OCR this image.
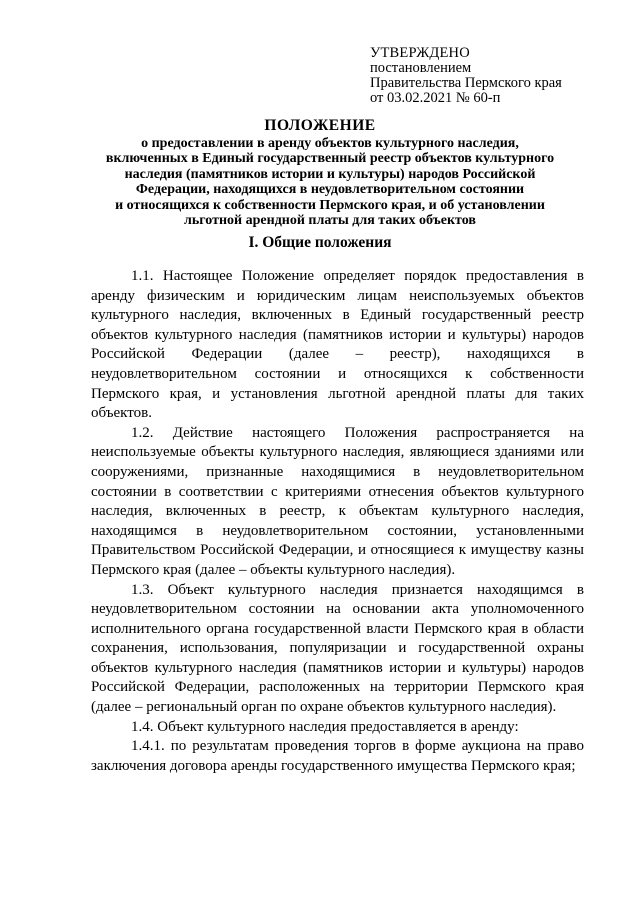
УТВЕРЖДЕНО
постановлением
Правительства Пермского края
от 03.02.2021 № 60-п
ПОЛОЖЕНИЕ
о предоставлении в аренду объектов культурного наследия,
включенных в Единый государственный реестр объектов культурного
наследия (памятников истории и культуры) народов Российской
Федерации, находящихся в неудовлетворительном состоянии
и относящихся к собственности Пермского края, и об установлении
льготной арендной платы для таких объектов
I. Общие положения

1.1. Настоящее Положение определяет порядок предоставления в аренду физическим и юридическим лицам неиспользуемых объектов культурного наследия, включенных в Единый государственный реестр объектов культурного наследия (памятников истории и культуры) народов Российской Федерации (далее – реестр), находящихся в неудовлетворительном состоянии и относящихся к собственности Пермского края, и установления льготной арендной платы для таких объектов.

1.2. Действие настоящего Положения распространяется на неиспользуемые объекты культурного наследия, являющиеся зданиями или сооружениями, признанные находящимися в неудовлетворительном состоянии в соответствии с критериями отнесения объектов культурного наследия, включенных в реестр, к объектам культурного наследия, находящимся в неудовлетворительном состоянии, установленными Правительством Российской Федерации, и относящиеся к имуществу казны Пермского края (далее – объекты культурного наследия).

1.3. Объект культурного наследия признается находящимся в неудовлетворительном состоянии на основании акта уполномоченного исполнительного органа государственной власти Пермского края в области сохранения, использования, популяризации и государственной охраны объектов культурного наследия (памятников истории и культуры) народов Российской Федерации, расположенных на территории Пермского края (далее – региональный орган по охране объектов культурного наследия).

1.4. Объект культурного наследия предоставляется в аренду:

1.4.1. по результатам проведения торгов в форме аукциона на право заключения договора аренды государственного имущества Пермского края;
